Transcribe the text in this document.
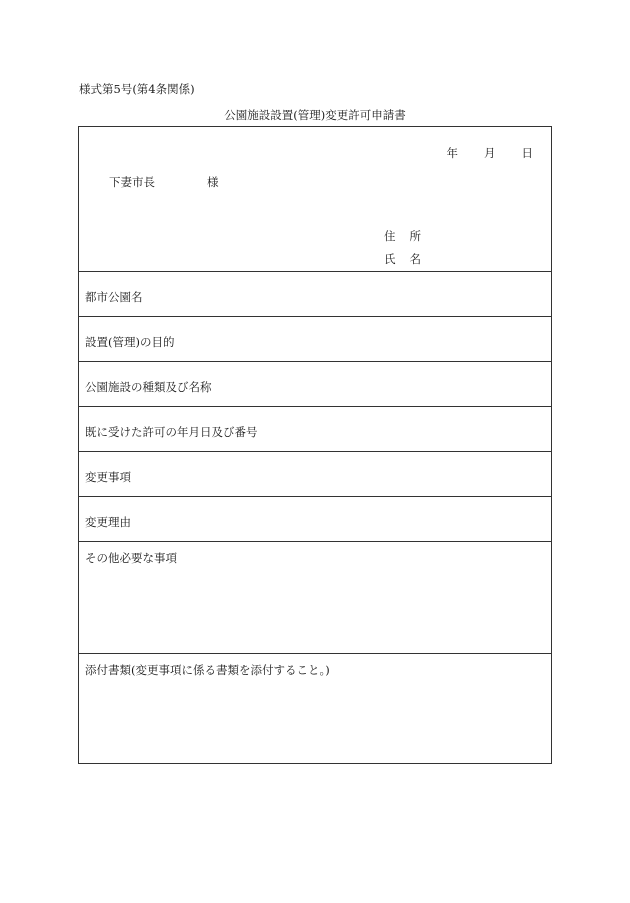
様式第5号(第4条関係)
公園施設設置(管理)変更許可申請書
年 月 日
下妻市長	様
住 所
氏 名
都市公園名
設置(管理)の目的
公園施設の種類及び名称
既に受けた許可の年月日及び番号
変更事項
変更理由
その他必要な事項
添付書類(変更事項に係る書類を添付すること。)
